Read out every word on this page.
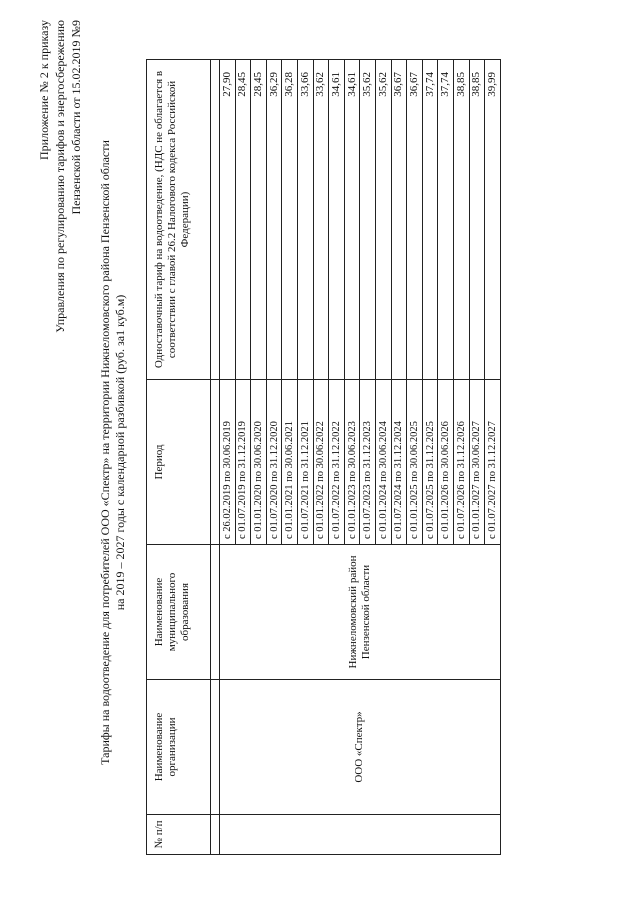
Приложение № 2 к приказу Управления по регулированию тарифов и энергосбережению Пензенской области от 15.02.2019 №9
Тарифы на водоотведение для потребителей ООО «Спектр» на территории Нижнеломовского района Пензенской области на 2019 – 2027 годы с календарной разбивкой (руб. за1 куб.м)
№ п/п	Наименование организации	Наименование муниципального образования	Период	Одноставочный тариф на водоотведение, (НДС не облагается в соответствии с главой 26.2 Налогового кодекса Российской Федерации)

	ООО «Спектр»	Нижнеломовский район Пензенской области	с 26.02.2019 по 30.06.2019	27,90
			с 01.07.2019 по 31.12.2019	28,45
			с 01.01.2020 по 30.06.2020	28,45
			с 01.07.2020 по 31.12.2020	36,29
			с 01.01.2021 по 30.06.2021	36,28
			с 01.07.2021 по 31.12.2021	33,66
			с 01.01.2022 по 30.06.2022	33,62
			с 01.07.2022 по 31.12.2022	34,61
			с 01.01.2023 по 30.06.2023	34,61
			с 01.07.2023 по 31.12.2023	35,62
			с 01.01.2024 по 30.06.2024	35,62
			с 01.07.2024 по 31.12.2024	36,67
			с 01.01.2025 по 30.06.2025	36,67
			с 01.07.2025 по 31.12.2025	37,74
			с 01.01.2026 по 30.06.2026	37,74
			с 01.07.2026 по 31.12.2026	38,85
			с 01.01.2027 по 30.06.2027	38,85
			с 01.07.2027 по 31.12.2027	39,99
